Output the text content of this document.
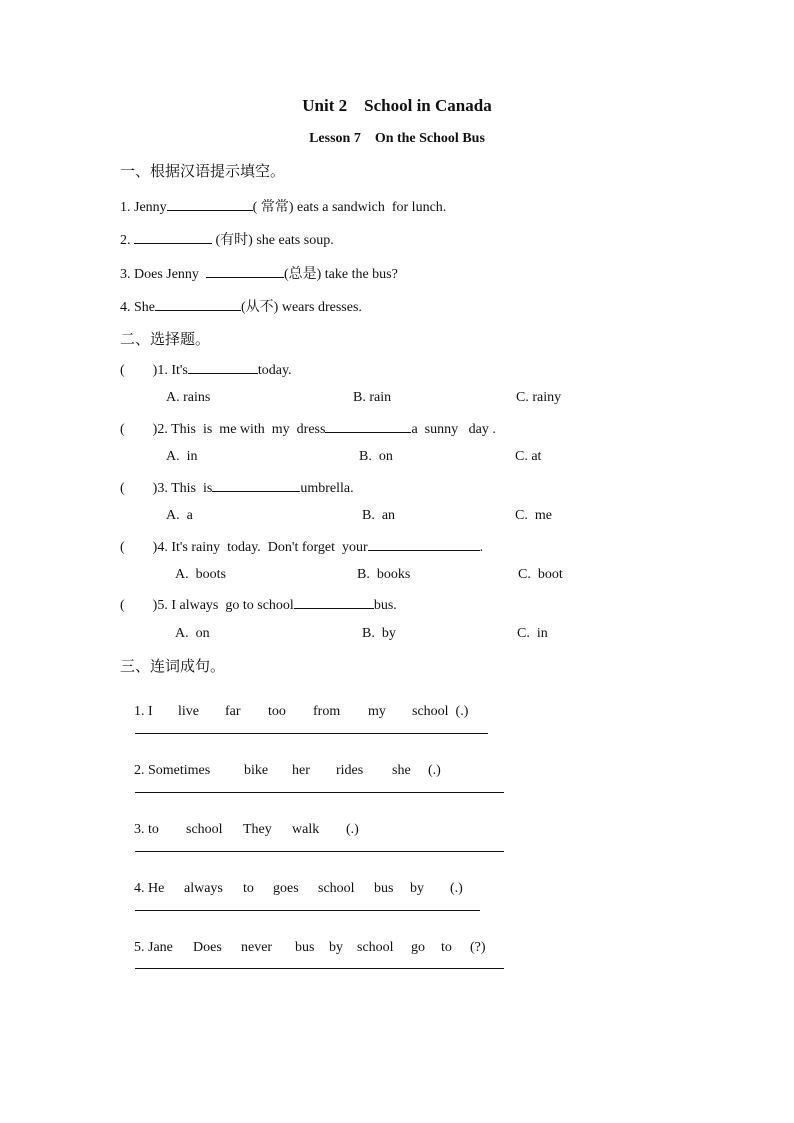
Unit 2    School in Canada
Lesson 7    On the School Bus
一、根据汉语提示填空。
1. Jenny	( 常常) eats a sandwich  for lunch.
2.	(有时) she eats soup.
3. Does Jenny	(总是) take the bus?
4. She	(从不) wears dresses.
二、选择题。
(        )1. It's	today.
A. rains	B. rain	C. rainy
(        )2. This  is  me with  my  dress	a  sunny   day .
A.  in	B.  on	C. at
(        )3. This  is	umbrella.
A.  a	B.  an	C.  me
(        )4. It's rainy  today.  Don't forget  your	.
A.  boots	B.  books	C.  boot
(        )5. I always  go to school	bus.
A.  on	B.  by	C.  in
三、连词成句。

1. I live far too from my school  (.)

2. Sometimes bike her rides she (.)

3. to school They walk (.)

4. He always to goes school bus by (.)

5. Jane Does never bus by school go to (?)
